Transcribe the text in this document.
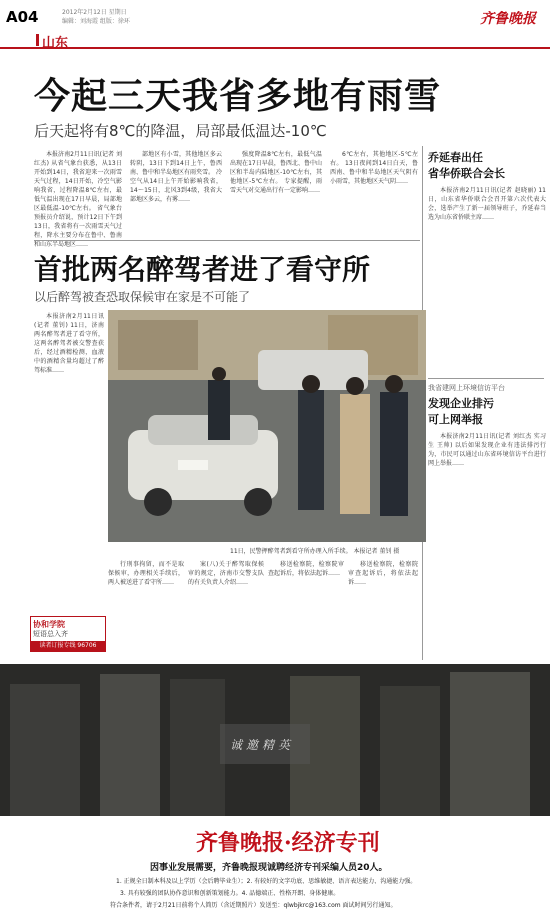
A04	2012年2月12日 星期日
编辑：刘海霞 组版：徐环	齐鲁晚报
山东
今起三天我省多地有雨雪
后天起将有8℃的降温，局部最低温达-10℃

本报济南2月11日讯(记者 刘红杰) 从省气象台获悉，从13日开始到14日，我省迎来一次雨雪天气过程，14日开始，冷空气影响我省，过程降温8℃左右，最低气温出现在17日早晨，局部地区最低温-10℃左右。 省气象台预报员介绍说，预计12日下午到13日，我省将有一次雨雪天气过程，降水主要分布在鲁中、鲁南和山东半岛地区……

部地区有小雪，其他地区多云转阴，13日下到14日上午，鲁西南、鲁中和半岛地区有雨夹雪。 冷空气从14日上午开始影响我省，14～15日，北风3到4级，我省大部地区多云，有雾……

强度降温8℃左右，最低气温出现在17日早晨，鲁西北、鲁中山区和半岛内陆地区-10℃左右，其他地区-5℃左右。 专家提醒，雨雪天气对交通出行有一定影响……

6℃左右，其他地区-5℃左右。 13日夜间到14日白天，鲁西南、鲁中和半岛地区天气阴有小雨雪，其他地区天气阴……

乔延春出任
省华侨联合会长

本报济南2月11日讯(记者 赵晓丽) 11日，山东省华侨联合会召开第六次代表大会，选举产生了新一届领导班子，乔延春当选为山东省侨联主席……

我省建网上环境信访平台
发现企业排污
可上网举报

本报济南2月11日讯(记者 刘红杰 实习生 王帅) 以后如果发现企业有违法排污行为，市民可以通过山东省环境信访平台进行网上举报……

首批两名醉驾者进了看守所
以后醉驾被查恐取保候审在家是不可能了

本报济南2月11日讯(记者 董钊) 11日，济南两名醉驾者进了看守所，这两名醉驾者被交警查获后，经过酒精检测，血液中的酒精含量均超过了醉驾标准……

11日，民警押醉驾者到看守所办理入所手续。 本报记者 董钊 摄

行刑事拘留，而不是取保候审，办理相关手续后，两人被送进了看守所……

案(八)关于醉驾取保候审的规定，济南市交警支队的有关负责人介绍……

移送检察院，检察院审查起诉后，将依法起诉……

移送检察院，检察院审查起诉后，将依法起诉……

协和学院
短语总入齐
读者订报专线 96706
诚邀精英
齐鲁晚报·经济专刊
因事业发展需要，齐鲁晚报现诚聘经济专刊采编人员20人。
1. 正规全日制本科及以上学历（会后聘毕业生）；2. 有较好的文字功底、思维敏捷、语言表达能力、沟通能力强。
3. 具有较强的团队协作意识和创新策划能力。4. 品德端正、性格开朗、身体健康。
符合条件者，请于2月21日前将个人简历（含近期照片）发送至：qlwbjkrc@163.com 面试时间另行通知。
